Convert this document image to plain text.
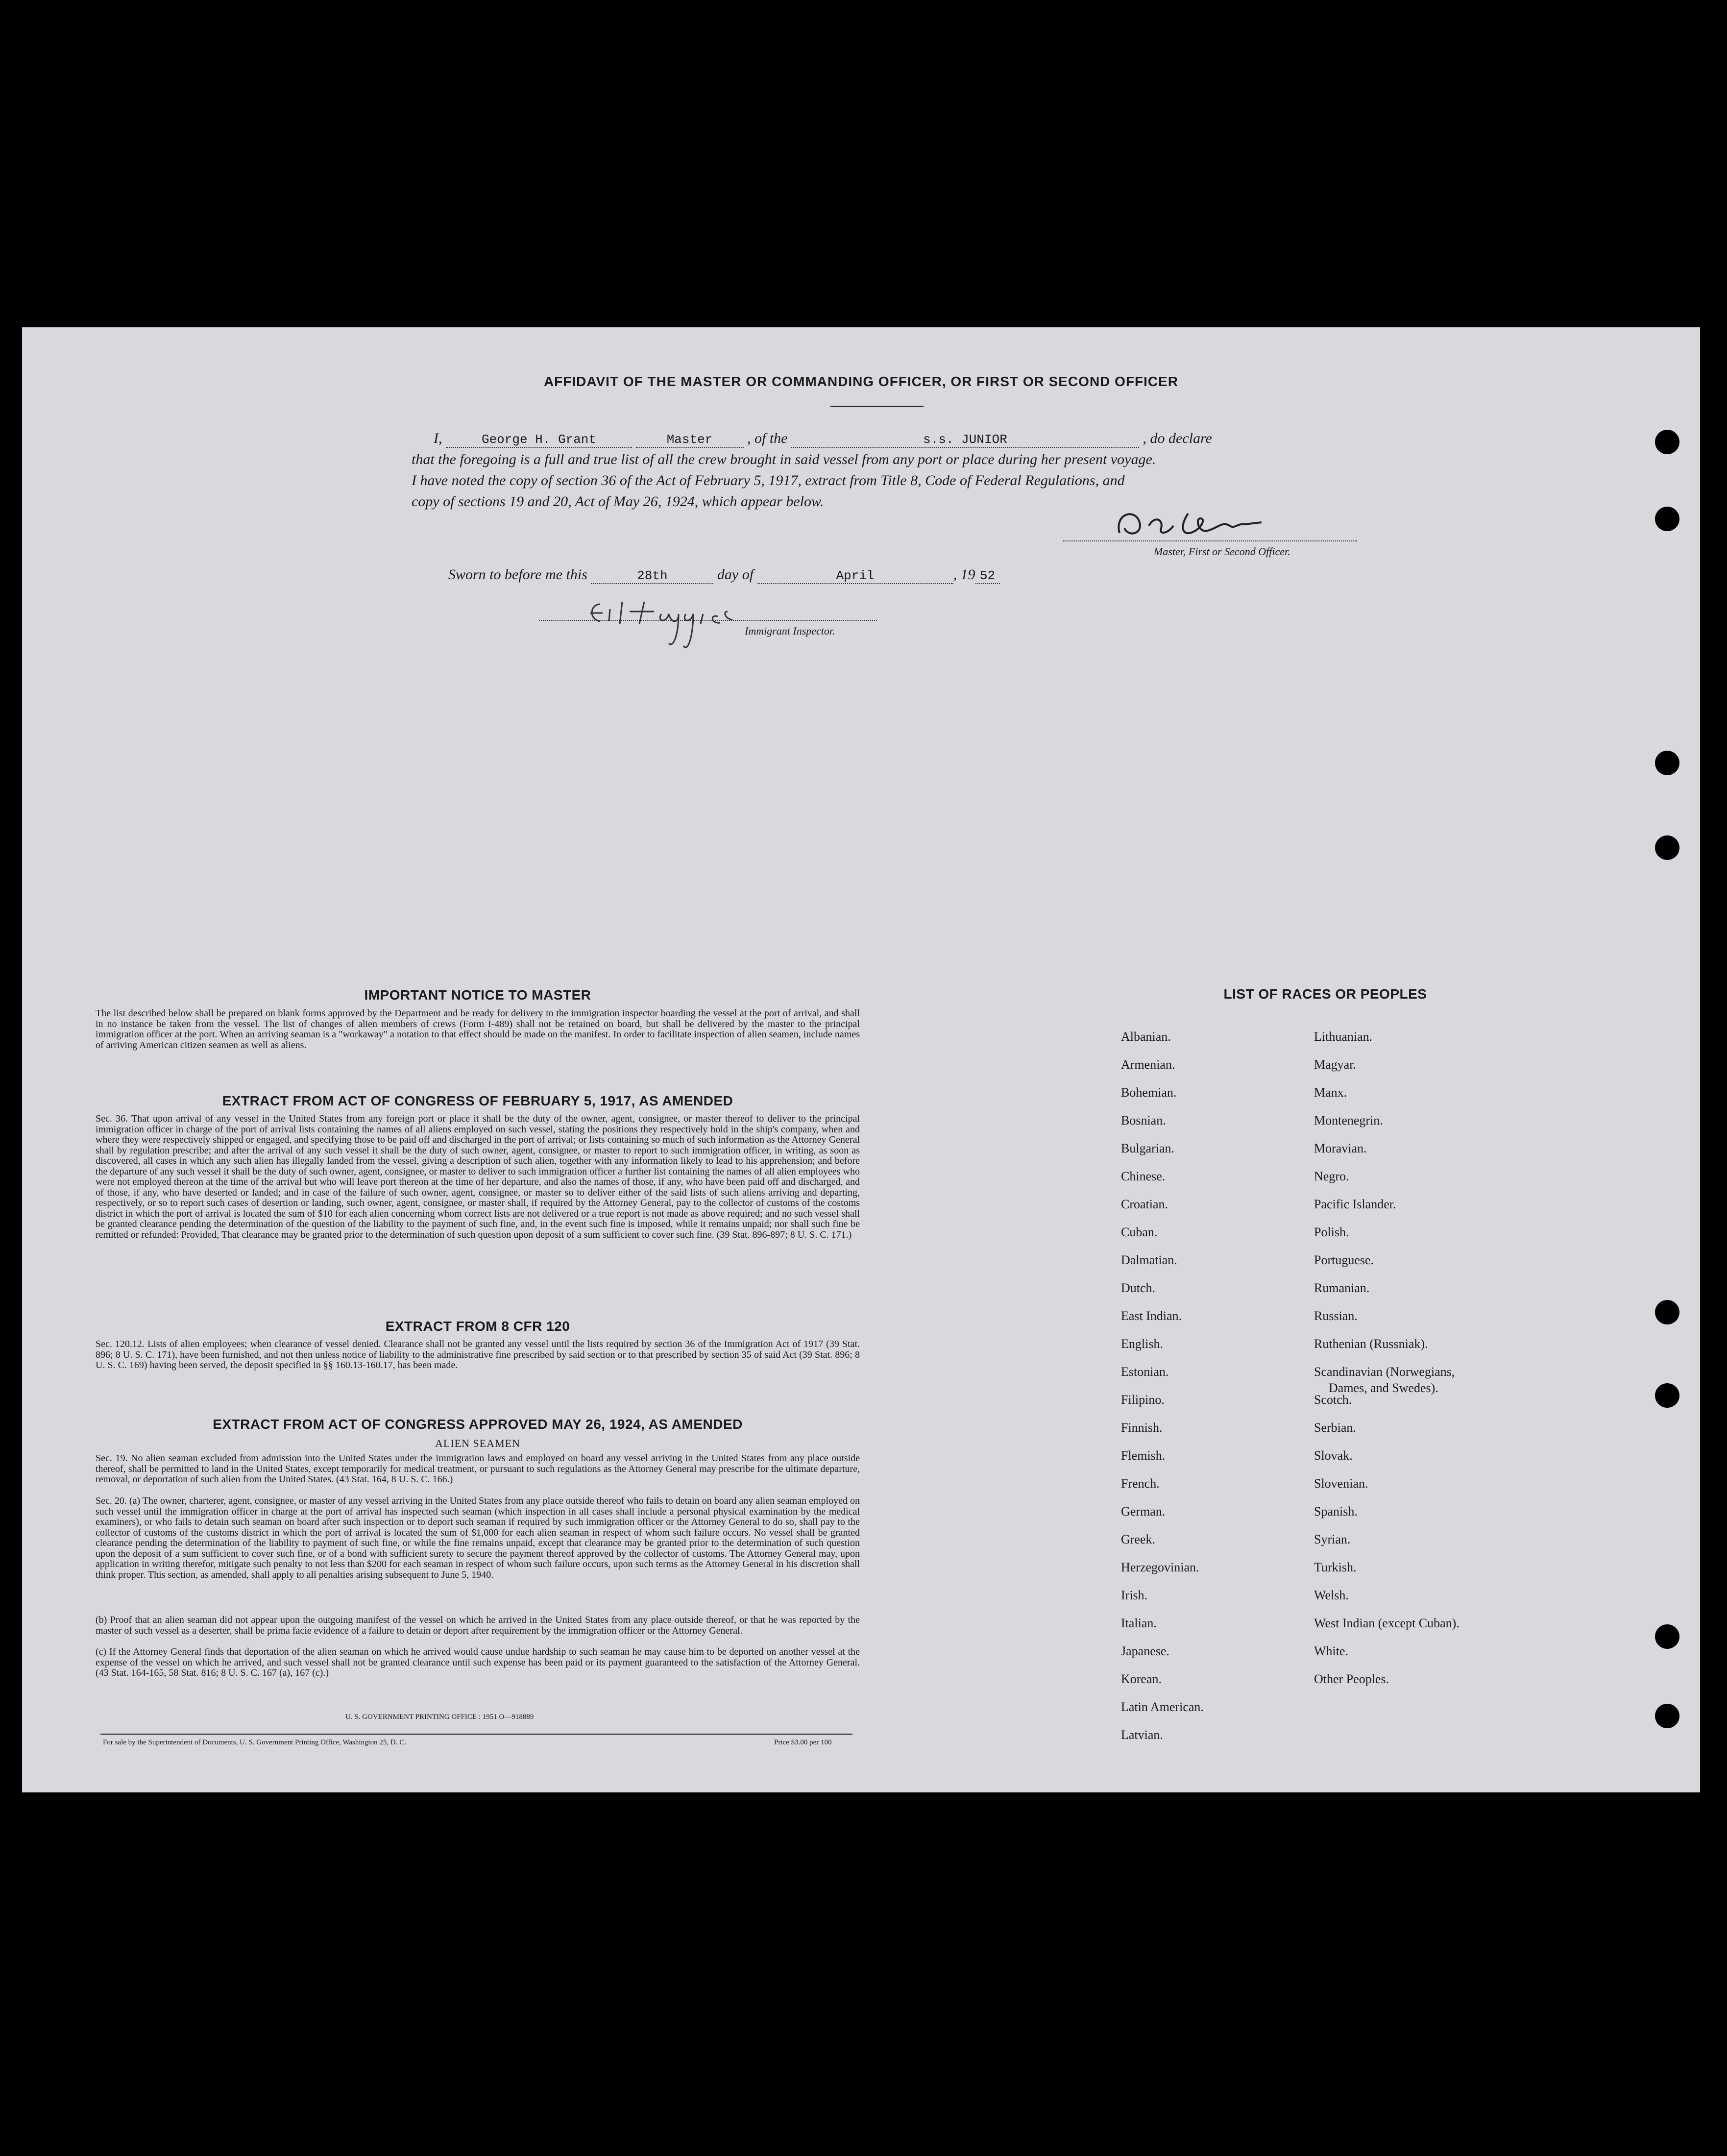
AFFIDAVIT OF THE MASTER OR COMMANDING OFFICER, OR FIRST OR SECOND OFFICER
I,	George H. Grant	Master , of the	s.s. JUNIOR	, do declare
that the foregoing is a full and true list of all the crew brought in said vessel from any port or place during her present voyage.
I have noted the copy of section 36 of the Act of February 5, 1917, extract from Title 8, Code of Federal Regulations, and
copy of sections 19 and 20, Act of May 26, 1924, which appear below.
Master, First or Second Officer.
Sworn to before me this	28th	day of	April	, 19 52
Immigrant Inspector.
IMPORTANT NOTICE TO MASTER
The list described below shall be prepared on blank forms approved by the Department and be ready for delivery to the immigration inspector boarding the vessel at the port of arrival, and shall in no instance be taken from the vessel. The list of changes of alien members of crews (Form I-489) shall not be retained on board, but shall be delivered by the master to the principal immigration officer at the port. When an arriving seaman is a "workaway" a notation to that effect should be made on the manifest. In order to facilitate inspection of alien seamen, include names of arriving American citizen seamen as well as aliens.
EXTRACT FROM ACT OF CONGRESS OF FEBRUARY 5, 1917, AS AMENDED
Sec. 36. That upon arrival of any vessel in the United States from any foreign port or place it shall be the duty of the owner, agent, consignee, or master thereof to deliver to the principal immigration officer in charge of the port of arrival lists containing the names of all aliens employed on such vessel, stating the positions they respectively hold in the ship's company, when and where they were respectively shipped or engaged, and specifying those to be paid off and discharged in the port of arrival; or lists containing so much of such information as the Attorney General shall by regulation prescribe; and after the arrival of any such vessel it shall be the duty of such owner, agent, consignee, or master to report to such immigration officer, in writing, as soon as discovered, all cases in which any such alien has illegally landed from the vessel, giving a description of such alien, together with any information likely to lead to his apprehension; and before the departure of any such vessel it shall be the duty of such owner, agent, consignee, or master to deliver to such immigration officer a further list containing the names of all alien employees who were not employed thereon at the time of the arrival but who will leave port thereon at the time of her departure, and also the names of those, if any, who have been paid off and discharged, and of those, if any, who have deserted or landed; and in case of the failure of such owner, agent, consignee, or master so to deliver either of the said lists of such aliens arriving and departing, respectively, or so to report such cases of desertion or landing, such owner, agent, consignee, or master shall, if required by the Attorney General, pay to the collector of customs of the costoms district in which the port of arrival is located the sum of $10 for each alien concerning whom correct lists are not delivered or a true report is not made as above required; and no such vessel shall be granted clearance pending the determination of the question of the liability to the payment of such fine, and, in the event such fine is imposed, while it remains unpaid; nor shall such fine be remitted or refunded: Provided, That clearance may be granted prior to the determination of such question upon deposit of a sum sufficient to cover such fine. (39 Stat. 896-897; 8 U. S. C. 171.)
EXTRACT FROM 8 CFR 120
Sec. 120.12. Lists of alien employees; when clearance of vessel denied. Clearance shall not be granted any vessel until the lists required by section 36 of the Immigration Act of 1917 (39 Stat. 896; 8 U. S. C. 171), have been furnished, and not then unless notice of liability to the administrative fine prescribed by said section or to that prescribed by section 35 of said Act (39 Stat. 896; 8 U. S. C. 169) having been served, the deposit specified in §§ 160.13-160.17, has been made.
EXTRACT FROM ACT OF CONGRESS APPROVED MAY 26, 1924, AS AMENDED
ALIEN SEAMEN
Sec. 19. No alien seaman excluded from admission into the United States under the immigration laws and employed on board any vessel arriving in the United States from any place outside thereof, shall be permitted to land in the United States, except temporarily for medical treatment, or pursuant to such regulations as the Attorney General may prescribe for the ultimate departure, removal, or deportation of such alien from the United States. (43 Stat. 164, 8 U. S. C. 166.)
Sec. 20. (a) The owner, charterer, agent, consignee, or master of any vessel arriving in the United States from any place outside thereof who fails to detain on board any alien seaman employed on such vessel until the immigration officer in charge at the port of arrival has inspected such seaman (which inspection in all cases shall include a personal physical examination by the medical examiners), or who fails to detain such seaman on board after such inspection or to deport such seaman if required by such immigration officer or the Attorney General to do so, shall pay to the collector of customs of the customs district in which the port of arrival is located the sum of $1,000 for each alien seaman in respect of whom such failure occurs. No vessel shall be granted clearance pending the determination of the liability to payment of such fine, or while the fine remains unpaid, except that clearance may be granted prior to the determination of such question upon the deposit of a sum sufficient to cover such fine, or of a bond with sufficient surety to secure the payment thereof approved by the collector of customs. The Attorney General may, upon application in writing therefor, mitigate such penalty to not less than $200 for each seaman in respect of whom such failure occurs, upon such terms as the Attorney General in his discretion shall think proper. This section, as amended, shall apply to all penalties arising subsequent to June 5, 1940.
(b) Proof that an alien seaman did not appear upon the outgoing manifest of the vessel on which he arrived in the United States from any place outside thereof, or that he was reported by the master of such vessel as a deserter, shall be prima facie evidence of a failure to detain or deport after requirement by the immigration officer or the Attorney General.
(c) If the Attorney General finds that deportation of the alien seaman on which he arrived would cause undue hardship to such seaman he may cause him to be deported on another vessel at the expense of the vessel on which he arrived, and such vessel shall not be granted clearance until such expense has been paid or its payment guaranteed to the satisfaction of the Attorney General. (43 Stat. 164-165, 58 Stat. 816; 8 U. S. C. 167 (a), 167 (c).)
U. S. GOVERNMENT PRINTING OFFICE : 1951 O—918889
For sale by the Superintendent of Documents, U. S. Government Printing Office, Washington 25, D. C.	Price $3.00 per 100
LIST OF RACES OR PEOPLES
Albanian.
Armenian.
Bohemian.
Bosnian.
Bulgarian.
Chinese.
Croatian.
Cuban.
Dalmatian.
Dutch.
East Indian.
English.
Estonian.
Filipino.
Finnish.
Flemish.
French.
German.
Greek.
Herzegovinian.
Irish.
Italian.
Japanese.
Korean.
Latin American.
Latvian.
Lithuanian.
Magyar.
Manx.
Montenegrin.
Moravian.
Negro.
Pacific Islander.
Polish.
Portuguese.
Rumanian.
Russian.
Ruthenian (Russniak).
Scandinavian (Norwegians,
Dames, and Swedes).
Scotch.
Serbian.
Slovak.
Slovenian.
Spanish.
Syrian.
Turkish.
Welsh.
West Indian (except Cuban).
White.
Other Peoples.
